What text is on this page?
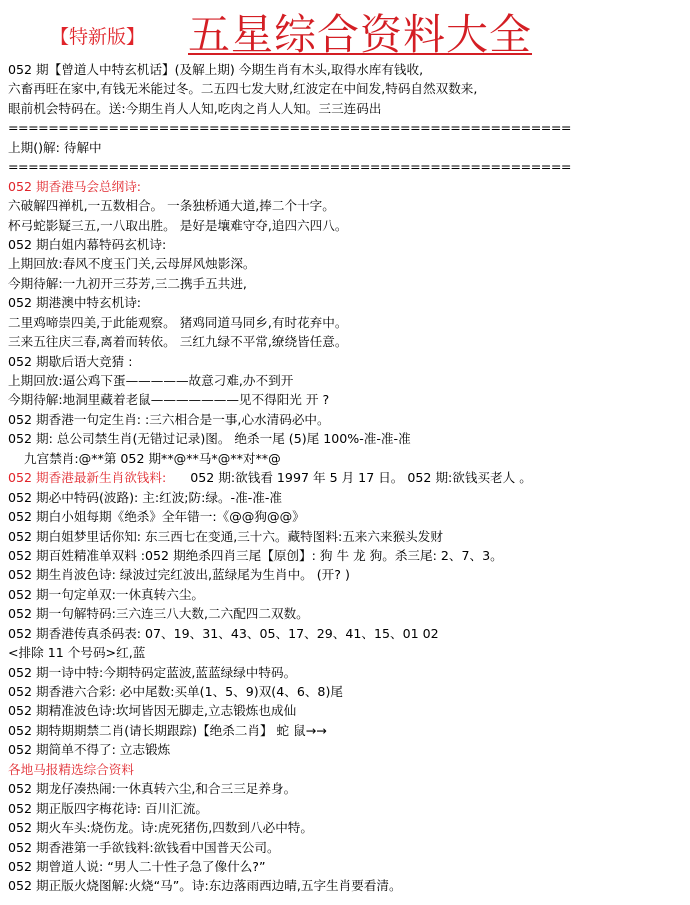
【特新版】 五星综合资料大全
052 期【曾道人中特玄机话】(及解上期) 今期生肖有木头,取得水库有钱收,
六畜再旺在家中,有钱无米能过冬。二五四七发大财,红波定在中间发,特码自然双数来,
眼前机会特码在。送:今期生肖人人知,吃肉之肖人人知。三三连码出
========================================================
上期()解: 待解中
========================================================
052 期香港马会总纲诗:
六破解四禅机,一五数相合。 一条独桥通大道,捧二个十字。
杯弓蛇影疑三五,一八取出胜。 是好是壤难守夺,追四六四八。
052 期白姐内幕特码玄机诗:
上期回放:春风不度玉门关,云母屏风烛影深。
今期待解:一九初开三芬芳,三二携手五共进,
052 期港澳中特玄机诗:
二里鸡啼崇四美,于此能观察。 猪鸡同道马同乡,有时花弃中。
三来五往庆三春,离着而转依。 三红九绿不平常,缭绕皆任意。
052 期歇后语大竞猜 :
上期回放:逼公鸡下蛋—————故意刁难,办不到开
今期待解:地洞里藏着老鼠———————见不得阳光 开 ?
052 期香港一句定生肖: :三六相合是一事,心水清码必中。
052 期: 总公司禁生肖(无错过记录)图。 绝杀一尾 (5)尾 100%-准-准-准
九宫禁肖:@**第 052 期**@**马*@**对**@
052 期香港最新生肖欲钱料:      052 期:欲钱看 1997 年 5 月 17 日。 052 期:欲钱买老人 。
052 期必中特码(波路): 主:红波;防:绿。-准-准-准
052 期白小姐每期《绝杀》全年错一:《@@狗@@》
052 期白姐梦里话你知: 东三西七在变通,三十六。藏特图料:五来六来猴头发财
052 期百姓精准单双料 :052 期绝杀四肖三尾【原创】: 狗 牛 龙 狗。杀三尾: 2、7、3。
052 期生肖波色诗: 绿波过完红波出,蓝绿尾为生肖中。 (开? )
052 期一句定单双:一休真转六尘。
052 期一句解特码:三六连三八大数,二六配四二双数。
052 期香港传真杀码表: 07、19、31、43、05、17、29、41、15、01 02
<排除 11 个号码>红,蓝
052 期一诗中特:今期特码定蓝波,蓝蓝绿绿中特码。
052 期香港六合彩: 必中尾数:买单(1、5、9)双(4、6、8)尾
052 期精准波色诗:坎坷皆因无脚走,立志锻炼也成仙
052 期特期期禁二肖(请长期跟踪)【绝杀二肖】 蛇 鼠→→
052 期简单不得了: 立志锻炼
各地马报精选综合资料
052 期龙仔凑热闹:一休真转六尘,和合三三足养身。
052 期正版四字梅花诗: 百川汇流。
052 期火车头:烧伤龙。诗:虎死猪伤,四数到八必中特。
052 期香港第一手欲钱料:欲钱看中国普天公司。
052 期曾道人说: “男人二十性子急了像什么?”
052 期正版火烧图解:火烧“马”。诗:东边落雨西边晴,五字生肖要看清。
